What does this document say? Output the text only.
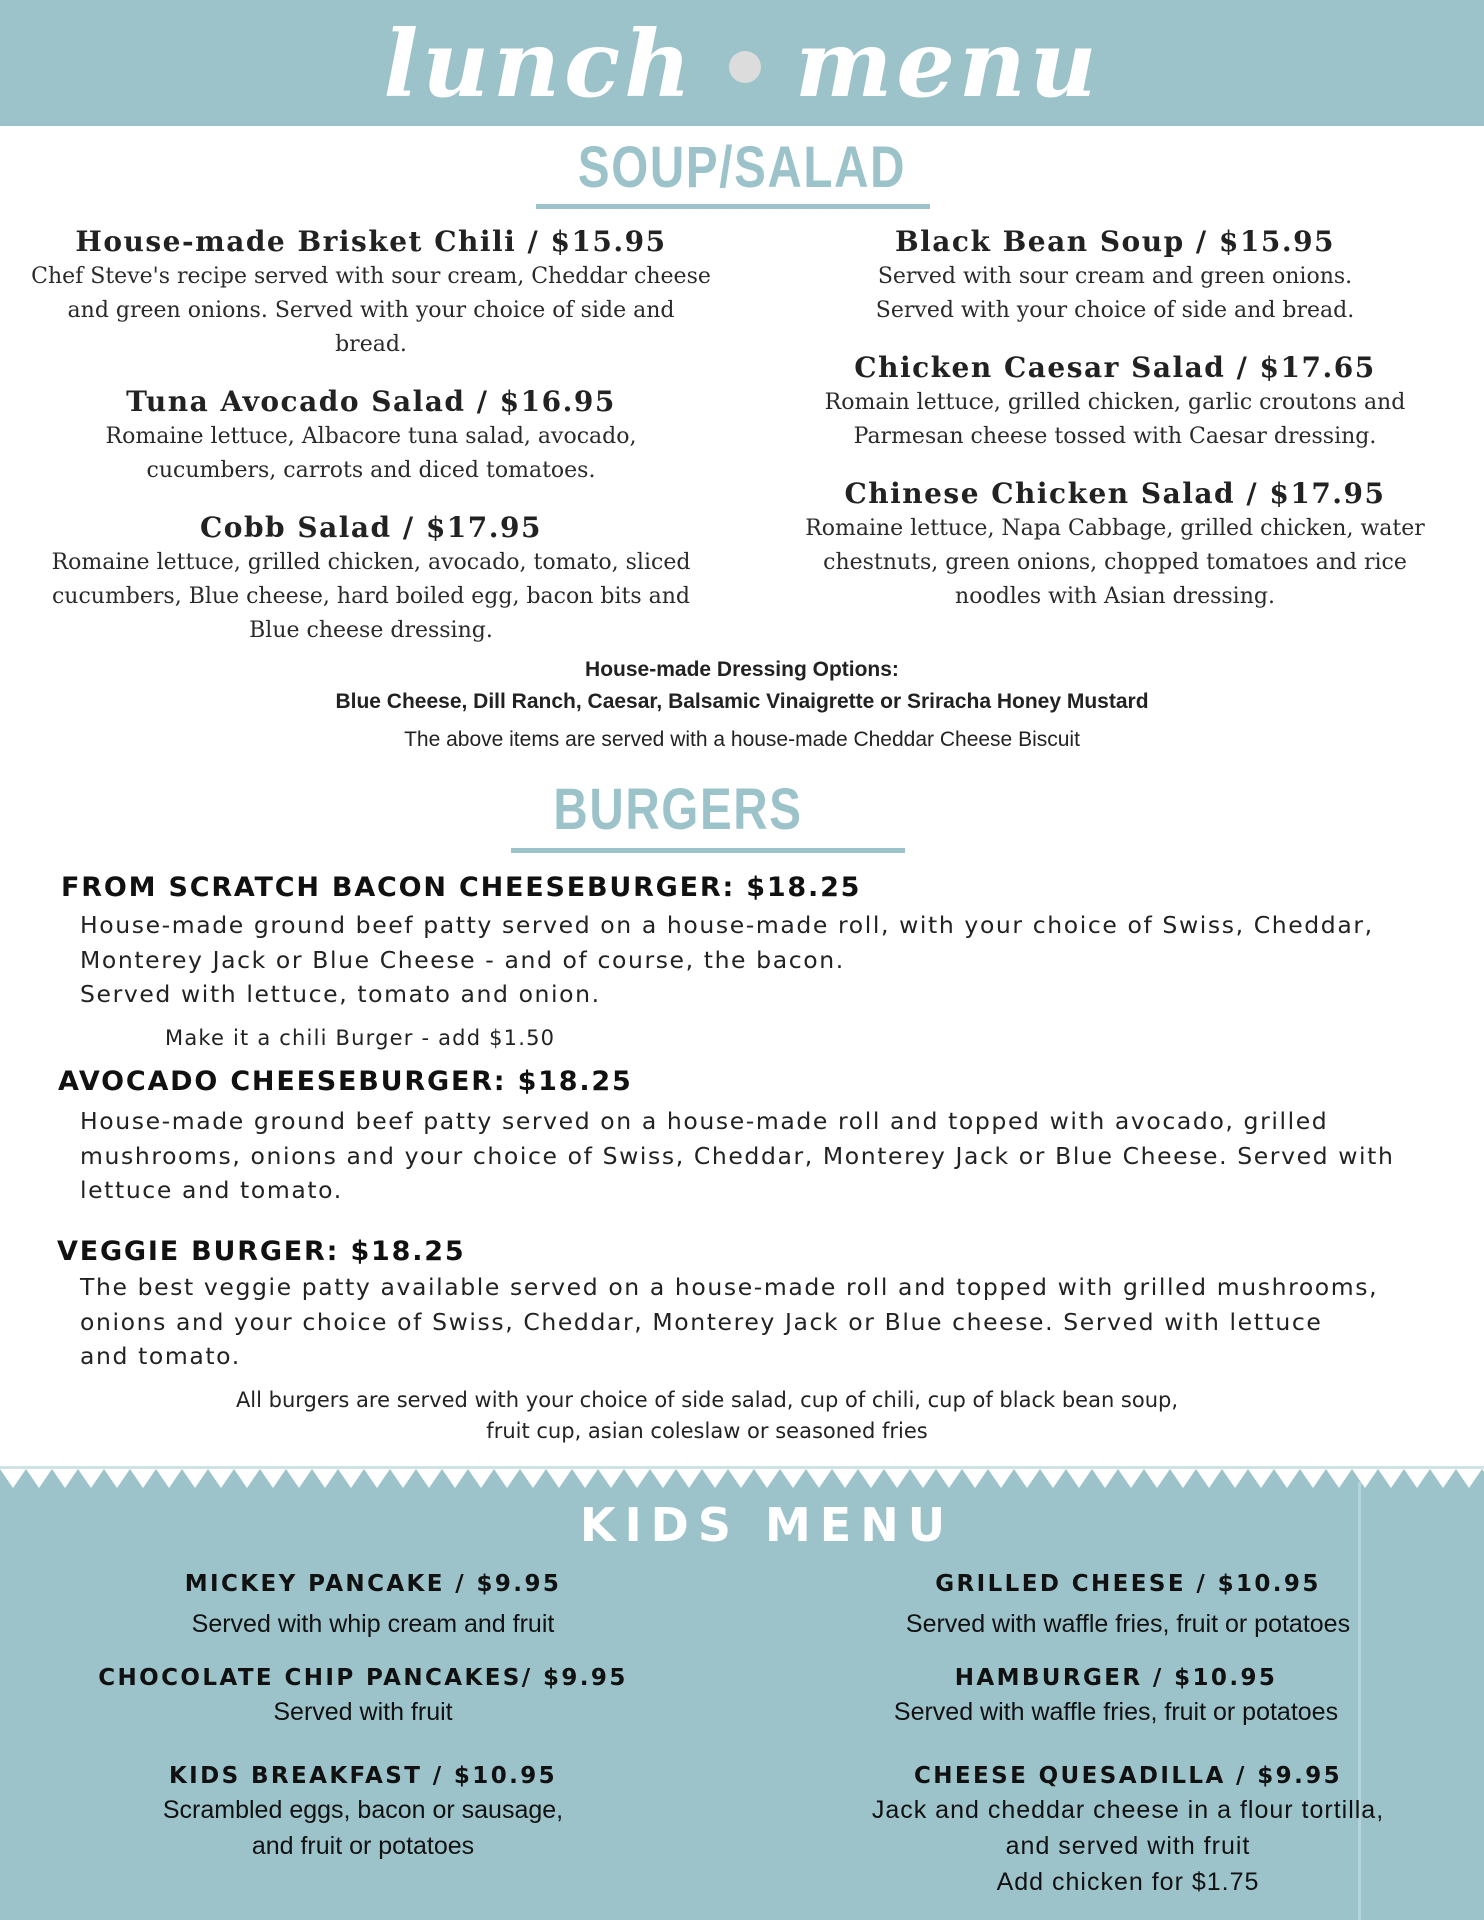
lunch menu
SOUP/SALAD
House-made Brisket Chili / $15.95
Chef Steve's recipe served with sour cream, Cheddar cheese
and green onions. Served with your choice of side and bread.
Tuna Avocado Salad / $16.95
Romaine lettuce, Albacore tuna salad, avocado,
cucumbers, carrots and diced tomatoes.
Cobb Salad / $17.95
Romaine lettuce, grilled chicken, avocado, tomato, sliced
cucumbers, Blue cheese, hard boiled egg, bacon bits and
Blue cheese dressing.
Black Bean Soup / $15.95
Served with sour cream and green onions.
Served with your choice of side and bread.
Chicken Caesar Salad / $17.65
Romain lettuce, grilled chicken, garlic croutons and
Parmesan cheese tossed with Caesar dressing.
Chinese Chicken Salad / $17.95
Romaine lettuce, Napa Cabbage, grilled chicken, water
chestnuts, green onions, chopped tomatoes and rice
noodles with Asian dressing.
House-made Dressing Options:
Blue Cheese, Dill Ranch, Caesar, Balsamic Vinaigrette or Sriracha Honey Mustard
The above items are served with a house-made Cheddar Cheese Biscuit
BURGERS
FROM SCRATCH BACON CHEESEBURGER: $18.25
House-made ground beef patty served on a house-made roll, with your choice of Swiss, Cheddar,
Monterey Jack or Blue Cheese - and of course, the bacon.
Served with lettuce, tomato and onion.
Make it a chili Burger - add $1.50
AVOCADO CHEESEBURGER: $18.25
House-made ground beef patty served on a house-made roll and topped with avocado, grilled
mushrooms, onions and your choice of Swiss, Cheddar, Monterey Jack or Blue Cheese. Served with
lettuce and tomato.
VEGGIE BURGER: $18.25
The best veggie patty available served on a house-made roll and topped with grilled mushrooms,
onions and your choice of Swiss, Cheddar, Monterey Jack or Blue cheese. Served with lettuce
and tomato.
All burgers are served with your choice of side salad, cup of chili, cup of black bean soup,
fruit cup, asian coleslaw or seasoned fries
KIDS MENU
MICKEY PANCAKE / $9.95
Served with whip cream and fruit
CHOCOLATE CHIP PANCAKES/ $9.95
Served with fruit
KIDS BREAKFAST / $10.95
Scrambled eggs, bacon or sausage,
and fruit or potatoes
GRILLED CHEESE / $10.95
Served with waffle fries, fruit or potatoes
HAMBURGER / $10.95
Served with waffle fries, fruit or potatoes
CHEESE QUESADILLA / $9.95
Jack and cheddar cheese in a flour tortilla,
and served with fruit
Add chicken for $1.75
